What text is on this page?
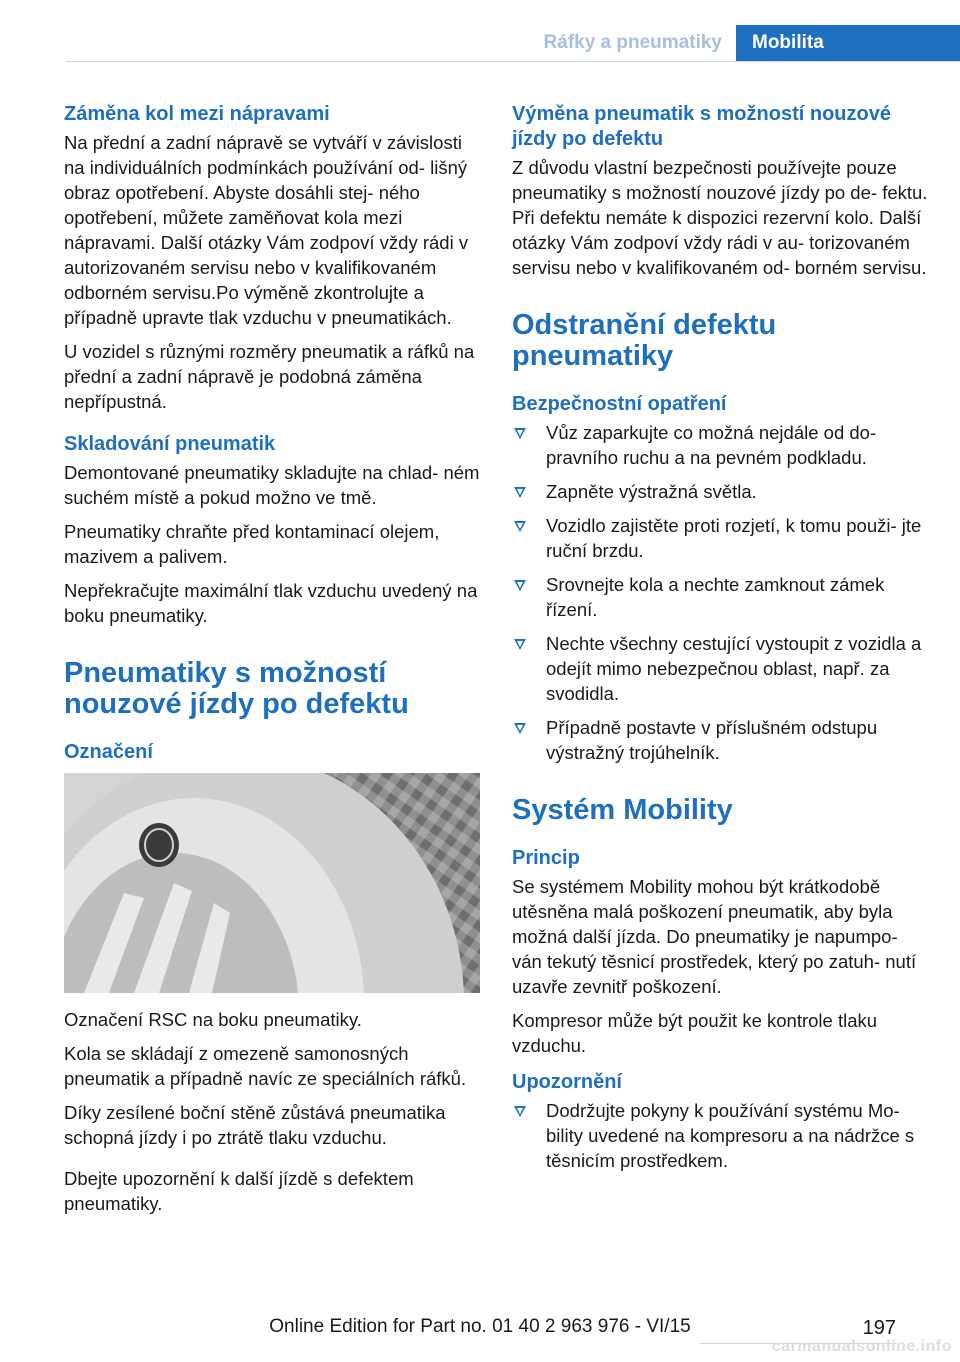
Ráfky a pneumatiky	Mobilita
Záměna kol mezi nápravami

Na přední a zadní nápravě se vytváří v závislosti na individuálních podmínkách používání od- lišný obraz opotřebení. Abyste dosáhli stej- ného opotřebení, můžete zaměňovat kola mezi nápravami. Další otázky Vám zodpoví vždy rádi v autorizovaném servisu nebo v kvalifikovaném odborném servisu.Po výměně zkontrolujte a případně upravte tlak vzduchu v pneumatikách.

U vozidel s různými rozměry pneumatik a ráfků na přední a zadní nápravě je podobná záměna nepřípustná.

Skladování pneumatik

Demontované pneumatiky skladujte na chlad- ném suchém místě a pokud možno ve tmě.

Pneumatiky chraňte před kontaminací olejem, mazivem a palivem.

Nepřekračujte maximální tlak vzduchu uvedený na boku pneumatiky.

Pneumatiky s možností nouzové jízdy po defektu
Označení

Označení RSC na boku pneumatiky.

Kola se skládají z omezeně samonosných pneumatik a případně navíc ze speciálních ráfků.

Díky zesílené boční stěně zůstává pneumatika schopná jízdy i po ztrátě tlaku vzduchu.

Dbejte upozornění k další jízdě s defektem pneumatiky.

Výměna pneumatik s možností nouzové jízdy po defektu

Z důvodu vlastní bezpečnosti používejte pouze pneumatiky s možností nouzové jízdy po de- fektu. Při defektu nemáte k dispozici rezervní kolo. Další otázky Vám zodpoví vždy rádi v au- torizovaném servisu nebo v kvalifikovaném od- borném servisu.

Odstranění defektu pneumatiky
Bezpečnostní opatření
Vůz zaparkujte co možná nejdále od do- pravního ruchu a na pevném podkladu.
Zapněte výstražná světla.
Vozidlo zajistěte proti rozjetí, k tomu použi- jte ruční brzdu.
Srovnejte kola a nechte zamknout zámek řízení.
Nechte všechny cestující vystoupit z vozidla a odejít mimo nebezpečnou oblast, např. za svodidla.
Případně postavte v příslušném odstupu výstražný trojúhelník.
Systém Mobility
Princip

Se systémem Mobility mohou být krátkodobě utěsněna malá poškození pneumatik, aby byla možná další jízda. Do pneumatiky je napumpo- ván tekutý těsnicí prostředek, který po zatuh- nutí uzavře zevnitř poškození.

Kompresor může být použit ke kontrole tlaku vzduchu.

Upozornění
Dodržujte pokyny k používání systému Mo- bility uvedené na kompresoru a na nádržce s těsnicím prostředkem.
Online Edition for Part no. 01 40 2 963 976 - VI/15	197
carmanualsonline.info
